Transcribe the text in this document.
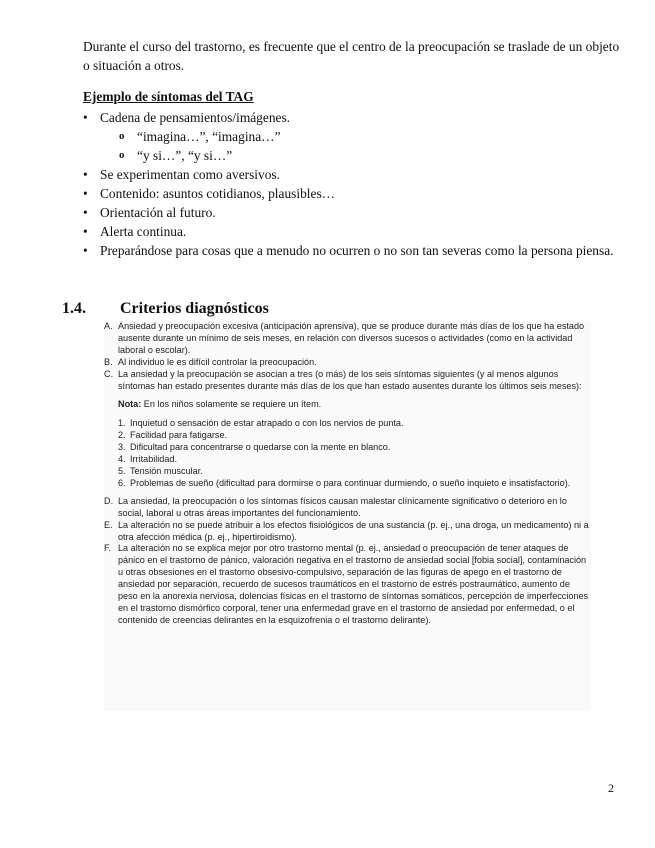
Durante el curso del trastorno, es frecuente que el centro de la preocupación se traslade de un objeto o situación a otros.
Ejemplo de síntomas del TAG
• Cadena de pensamientos/imágenes.
o “imagina…”, “imagina…”
o “y si…”, “y si…”
• Se experimentan como aversivos.
• Contenido: asuntos cotidianos, plausibles…
• Orientación al futuro.
• Alerta continua.
• Preparándose para cosas que a menudo no ocurren o no son tan severas como la persona piensa.
1.4. Criterios diagnósticos
A. Ansiedad y preocupación excesiva (anticipación aprensiva), que se produce durante más días de los que ha estado ausente durante un mínimo de seis meses, en relación con diversos sucesos o actividades (como en la actividad laboral o escolar).
B. Al individuo le es difícil controlar la preocupación.
C. La ansiedad y la preocupación se asocian a tres (o más) de los seis síntomas siguientes (y al menos algunos síntomas han estado presentes durante más días de los que han estado ausentes durante los últimos seis meses):
Nota: En los niños solamente se requiere un ítem.
1. Inquietud o sensación de estar atrapado o con los nervios de punta.
2. Facilidad para fatigarse.
3. Dificultad para concentrarse o quedarse con la mente en blanco.
4. Irritabilidad.
5. Tensión muscular.
6. Problemas de sueño (dificultad para dormirse o para continuar durmiendo, o sueño inquieto e insatisfactorio).
D. La ansiedad, la preocupación o los síntomas físicos causan malestar clínicamente significativo o deterioro en lo social, laboral u otras áreas importantes del funcionamiento.
E. La alteración no se puede atribuir a los efectos fisiológicos de una sustancia (p. ej., una droga, un medicamento) ni a otra afección médica (p. ej., hipertiroidismo).
F. La alteración no se explica mejor por otro trastorno mental (p. ej., ansiedad o preocupación de tener ataques de pánico en el trastorno de pánico, valoración negativa en el trastorno de ansiedad social [fobia social], contaminación u otras obsesiones en el trastorno obsesivo-compulsivo, separación de las figuras de apego en el trastorno de ansiedad por separación, recuerdo de sucesos traumáticos en el trastorno de estrés postraumático, aumento de peso en la anorexia nerviosa, dolencias físicas en el trastorno de síntomas somáticos, percepción de imperfecciones en el trastorno dismórfico corporal, tener una enfermedad grave en el trastorno de ansiedad por enfermedad, o el contenido de creencias delirantes en la esquizofrenia o el trastorno delirante).
2
